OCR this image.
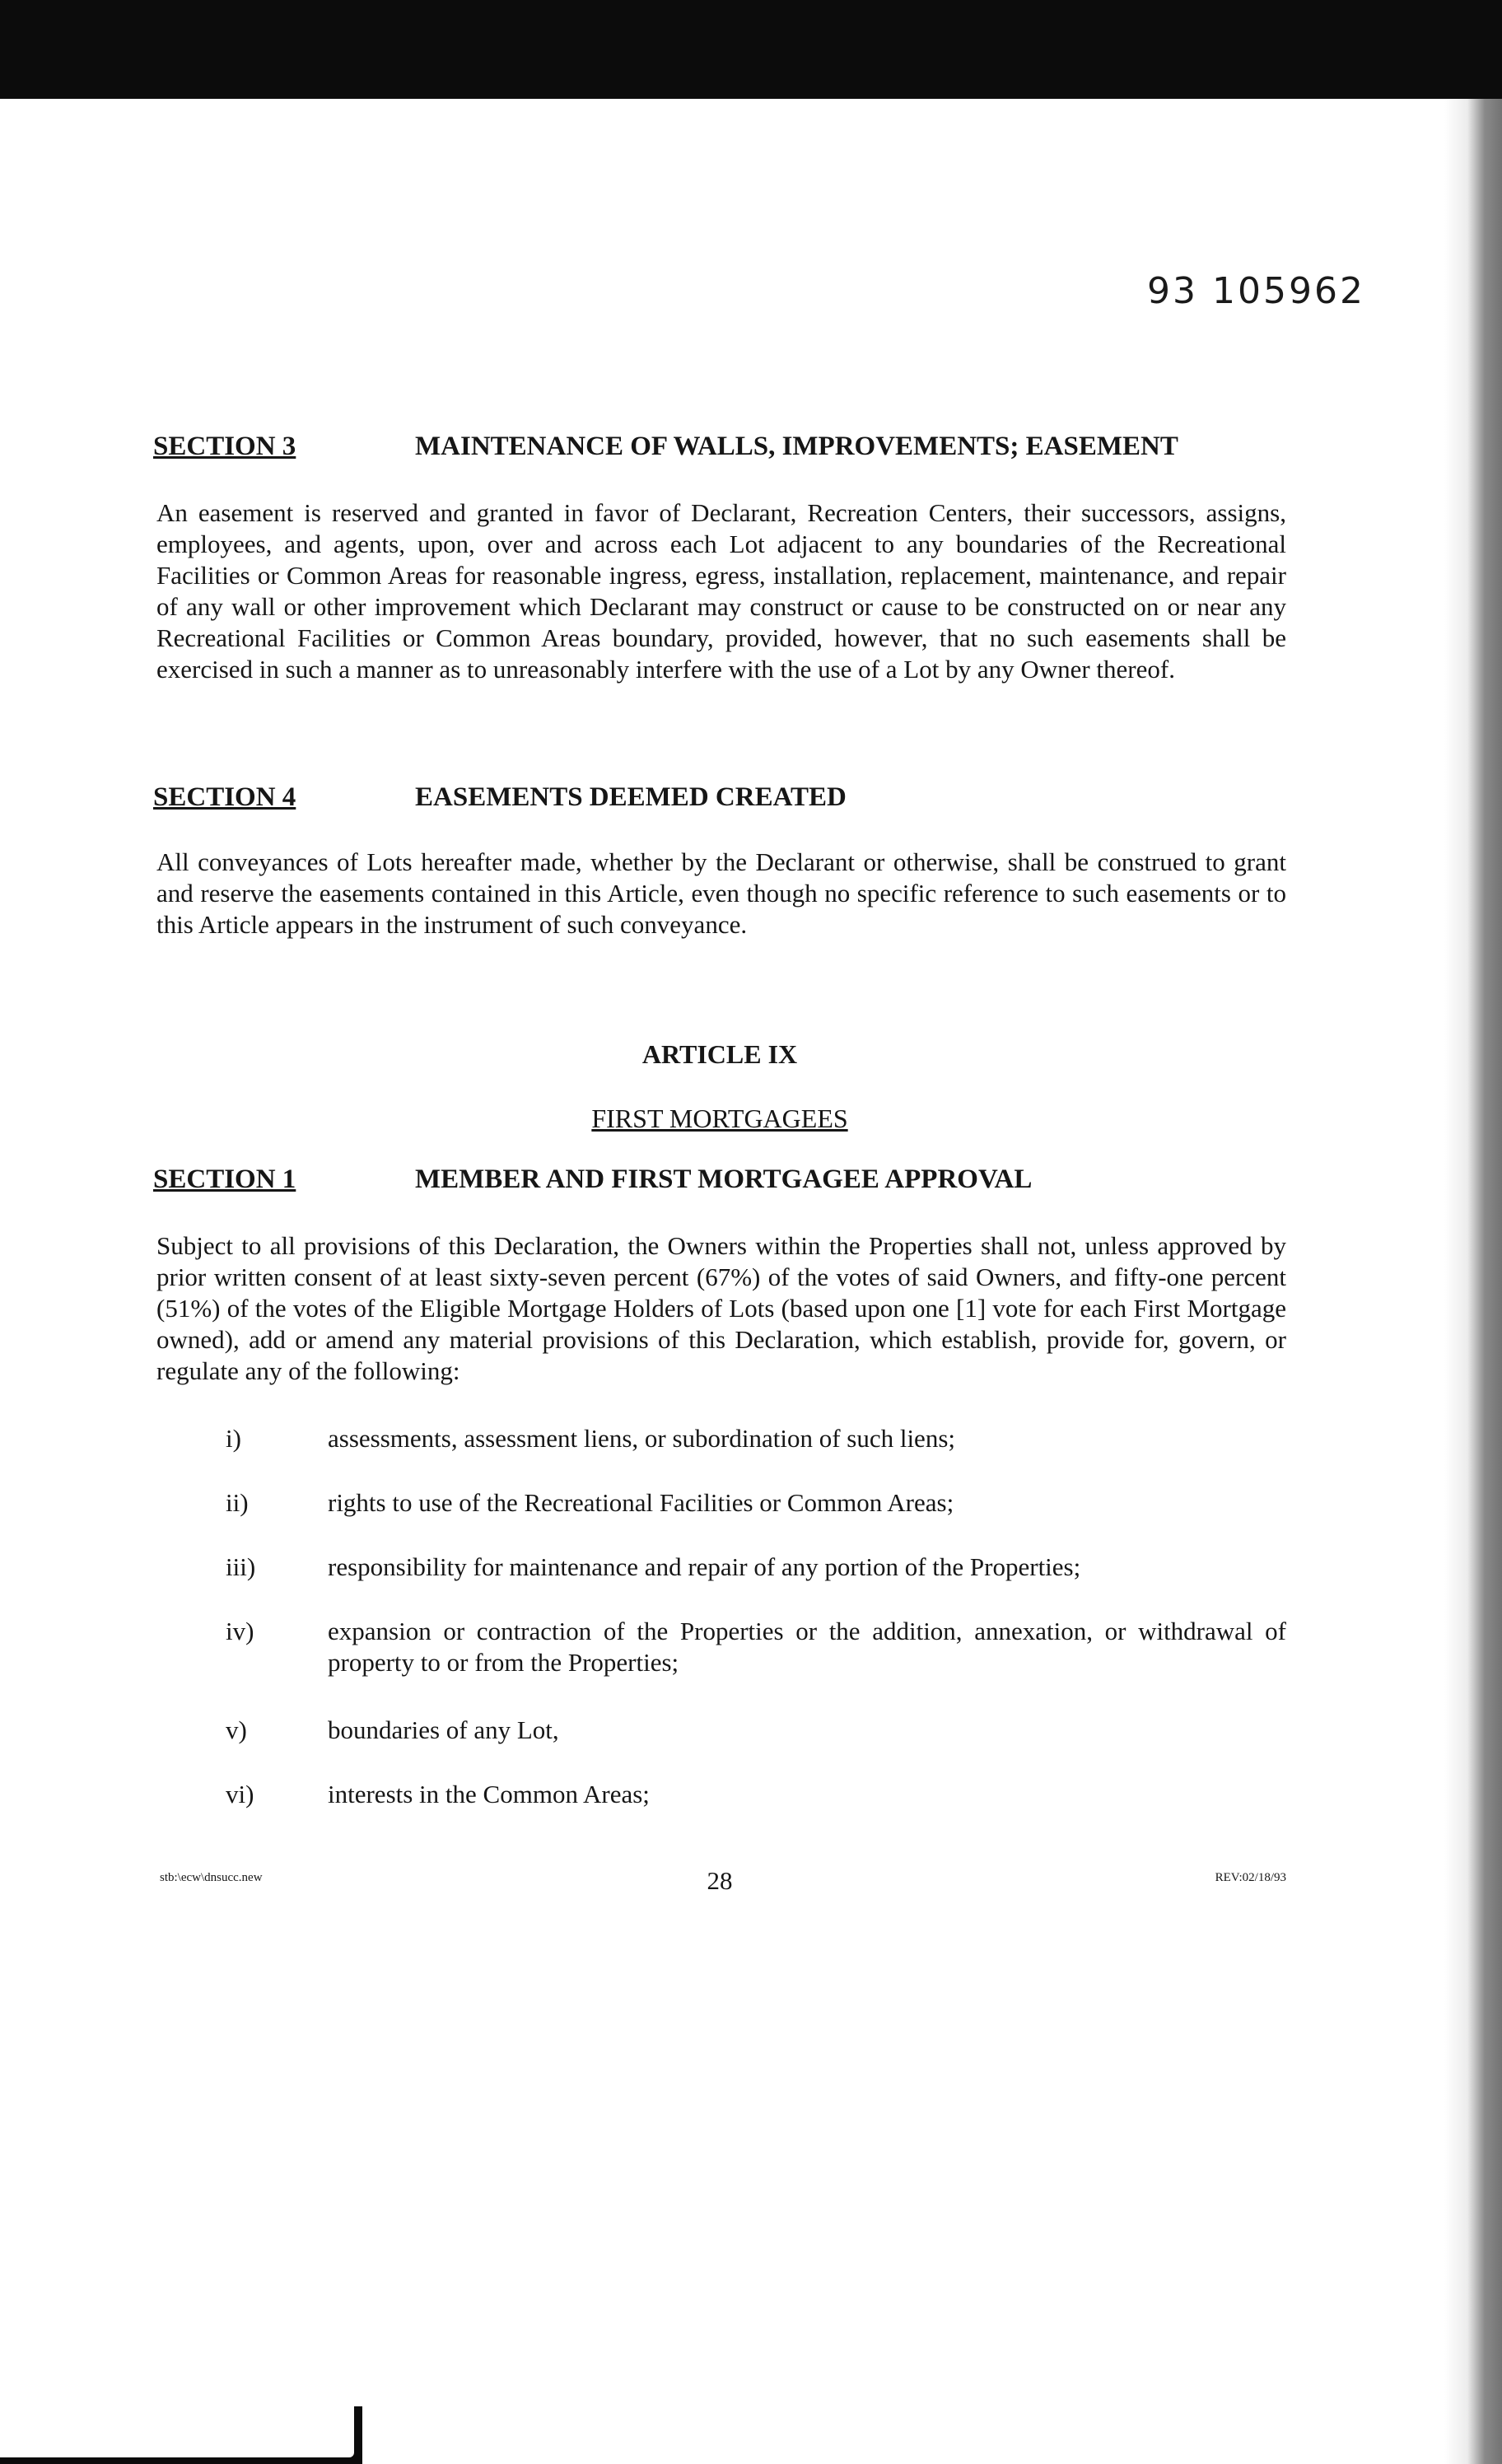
93 105962
SECTION 3	MAINTENANCE OF WALLS, IMPROVEMENTS; EASEMENT
An easement is reserved and granted in favor of Declarant, Recreation Centers, their successors, assigns, employees, and agents, upon, over and across each Lot adjacent to any boundaries of the Recreational Facilities or Common Areas for reasonable ingress, egress, installation, replacement, maintenance, and repair of any wall or other improvement which Declarant may construct or cause to be constructed on or near any Recreational Facilities or Common Areas boundary, provided, however, that no such easements shall be exercised in such a manner as to unreasonably interfere with the use of a Lot by any Owner thereof.
SECTION 4	EASEMENTS DEEMED CREATED
All conveyances of Lots hereafter made, whether by the Declarant or otherwise, shall be construed to grant and reserve the easements contained in this Article, even though no specific reference to such easements or to this Article appears in the instrument of such conveyance.
ARTICLE IX
FIRST MORTGAGEES
SECTION 1	MEMBER AND FIRST MORTGAGEE APPROVAL
Subject to all provisions of this Declaration, the Owners within the Properties shall not, unless approved by prior written consent of at least sixty-seven percent (67%) of the votes of said Owners, and fifty-one percent (51%) of the votes of the Eligible Mortgage Holders of Lots (based upon one [1] vote for each First Mortgage owned), add or amend any material provisions of this Declaration, which establish, provide for, govern, or regulate any of the following:
i)	assessments, assessment liens, or subordination of such liens;
ii)	rights to use of the Recreational Facilities or Common Areas;
iii)	responsibility for maintenance and repair of any portion of the Properties;
iv)	expansion or contraction of the Properties or the addition, annexation, or withdrawal of property to or from the Properties;
v)	boundaries of any Lot,
vi)	interests in the Common Areas;
stb:\ecw\dnsucc.new	28	REV:02/18/93
